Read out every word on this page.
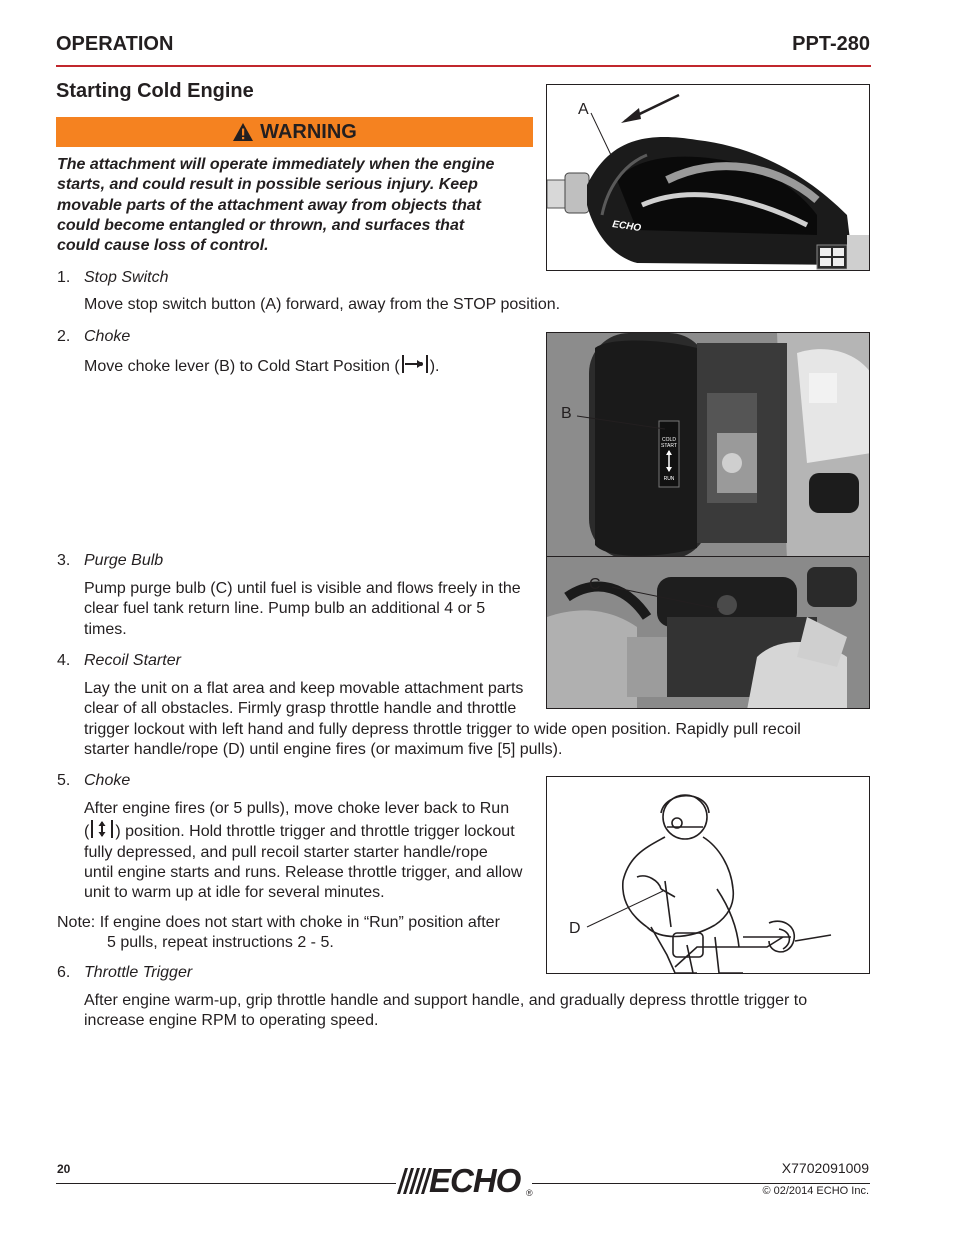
OPERATION	PPT-280
Starting Cold Engine
WARNING
The attachment will operate immediately when the engine
starts, and could result in possible serious injury. Keep
movable parts of the attachment away from objects that
could become entangled or thrown, and surfaces that
could cause loss of control.
1. Stop Switch
Move stop switch button (A) forward, away from the STOP position.
2. Choke
Move choke lever (B) to Cold Start Position ( ).
3. Purge Bulb
Pump purge bulb (C) until fuel is visible and flows freely in the
clear fuel tank return line. Pump bulb an additional 4 or 5
times.
4. Recoil Starter
Lay the unit on a flat area and keep movable attachment parts
clear of all obstacles. Firmly grasp throttle handle and throttle
trigger lockout with left hand and fully depress throttle trigger to wide open position. Rapidly pull recoil
starter handle/rope (D) until engine fires (or maximum five [5] pulls).
5. Choke
After engine fires (or 5 pulls), move choke lever back to Run
( ) position. Hold throttle trigger and throttle trigger lockout
fully depressed, and pull recoil starter starter handle/rope
until engine starts and runs. Release throttle trigger, and allow
unit to warm up at idle for several minutes.
Note: If engine does not start with choke in “Run” position after
5 pulls, repeat instructions 2 - 5.
6. Throttle Trigger
After engine warm-up, grip throttle handle and support handle, and gradually depress throttle trigger to
increase engine RPM to operating speed.
ECHO
A
COLD
START
RUN
B
C
D
20	ECHO ®
X7702091009
© 02/2014 ECHO Inc.
